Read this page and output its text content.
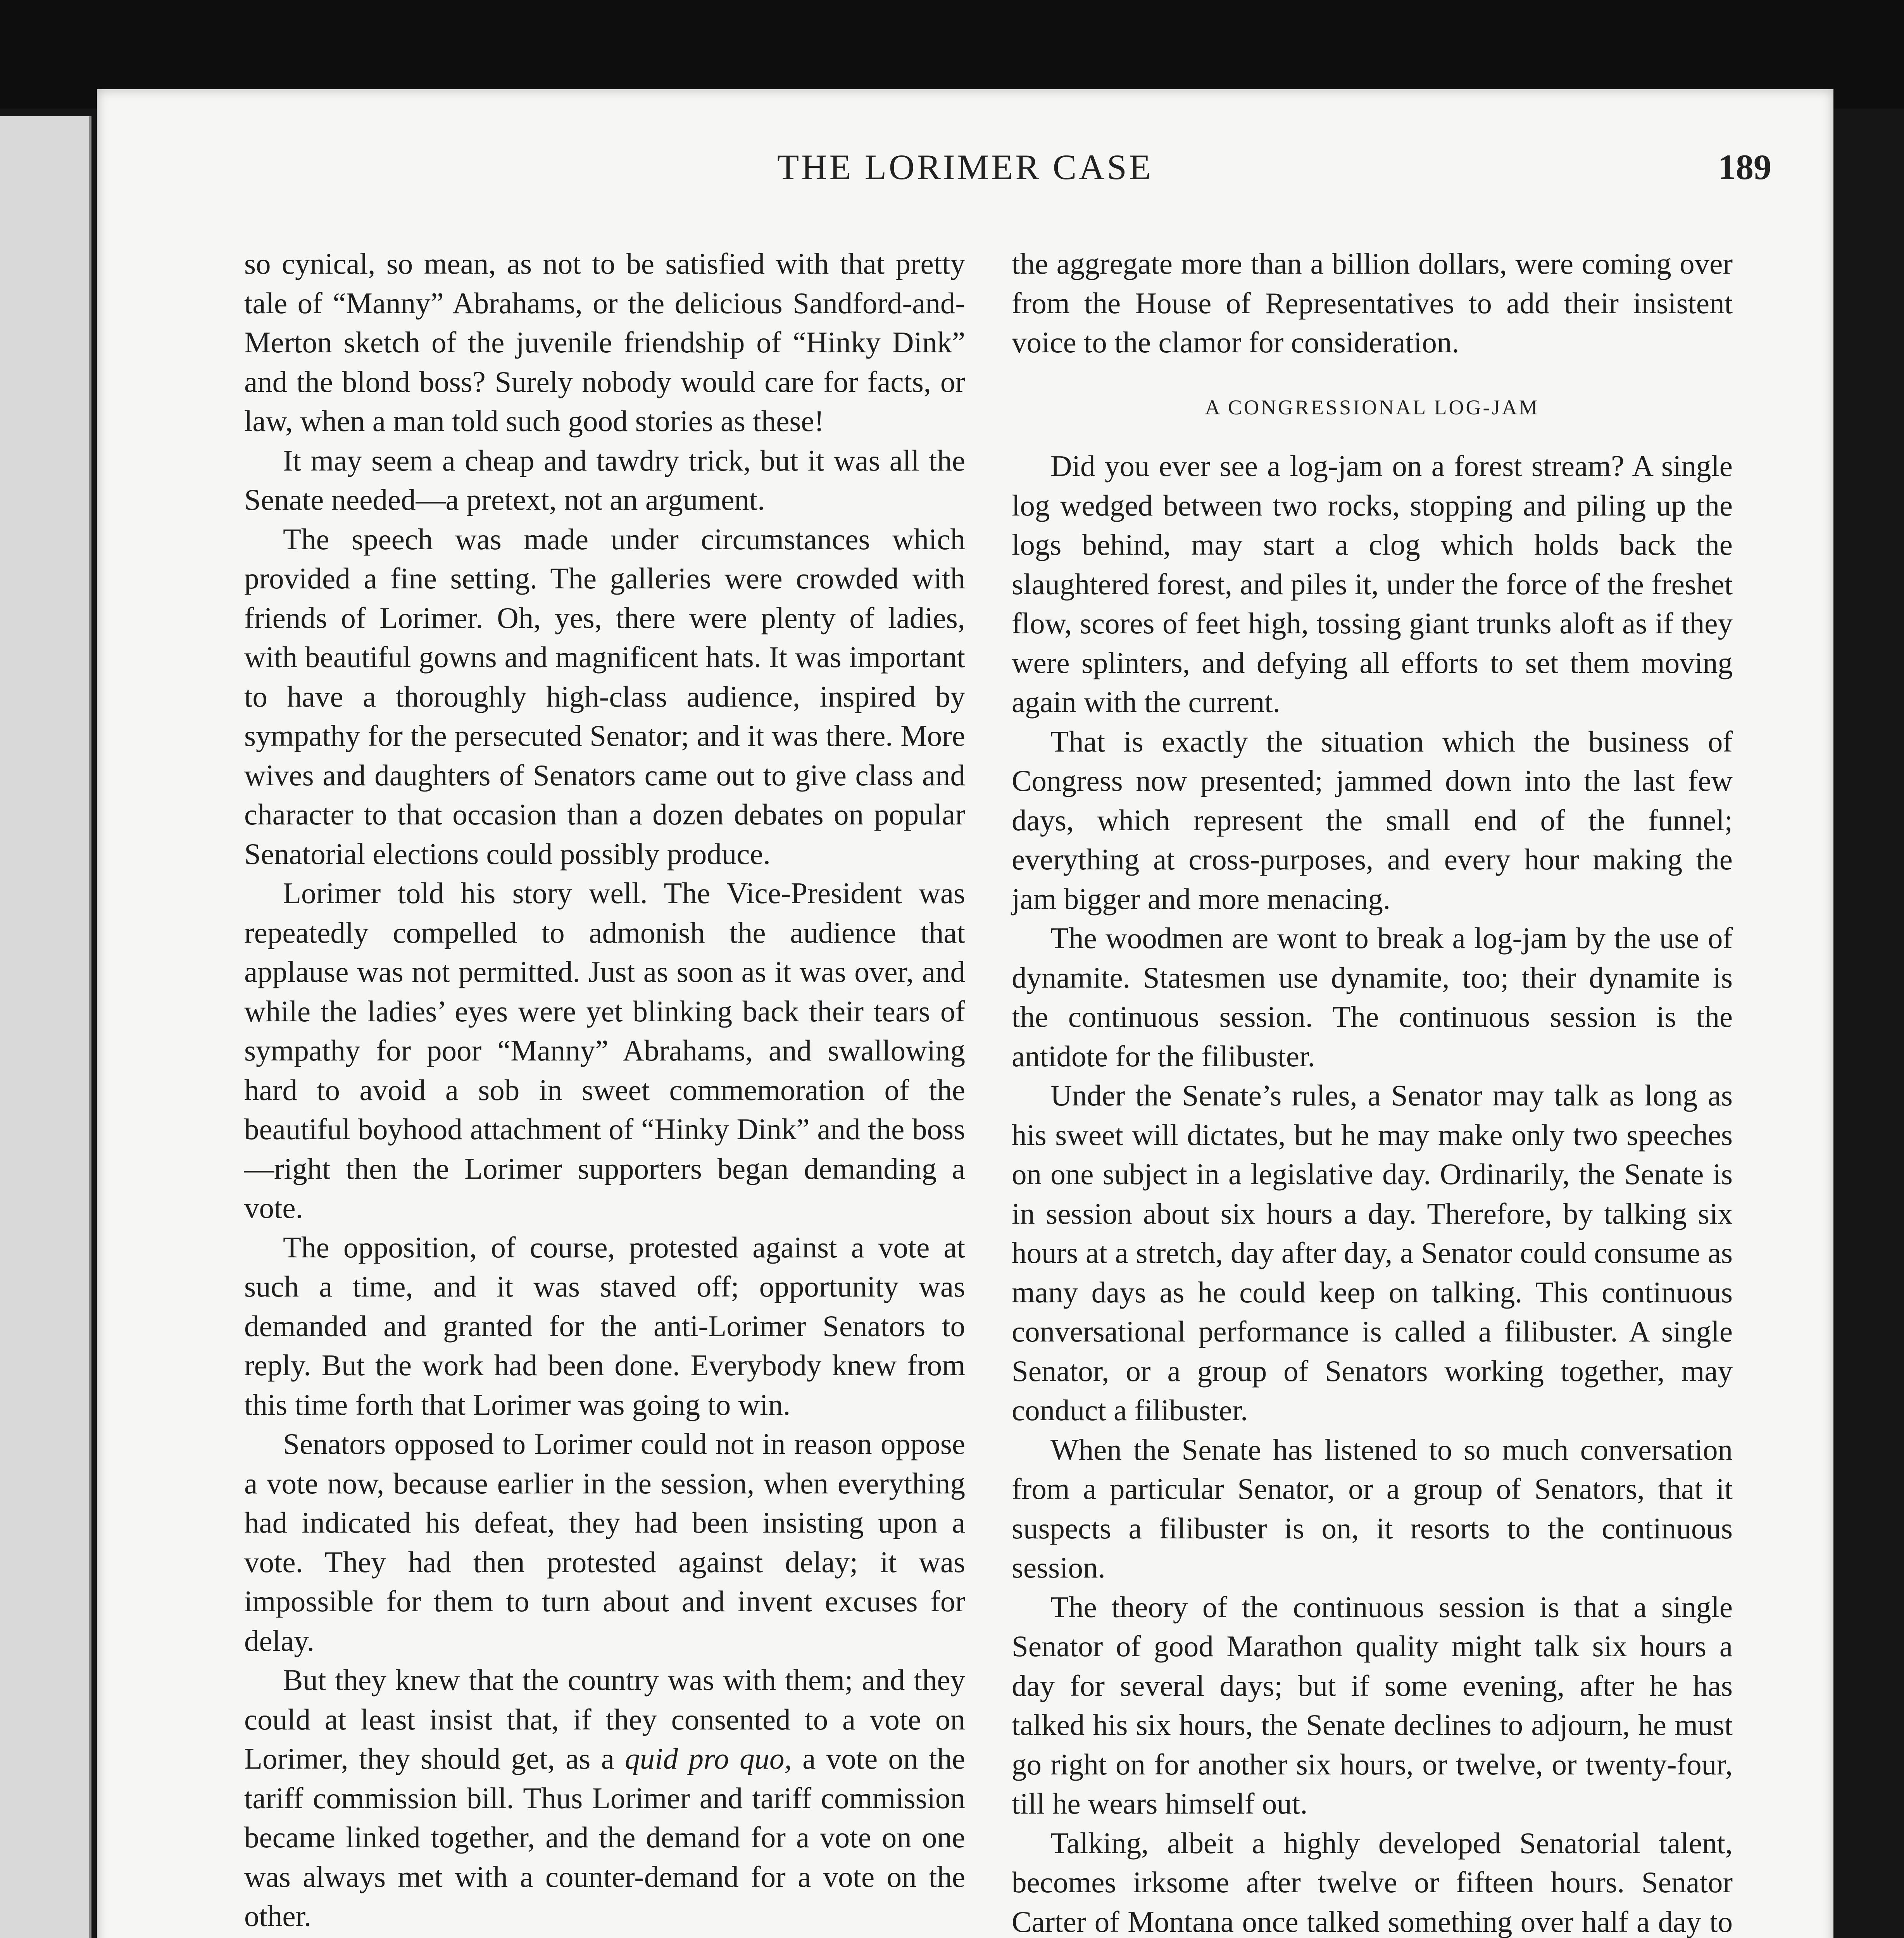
THE LORIMER CASE	189

so cynical, so mean, as not to be satisfied with that pretty tale of “Manny” Abrahams, or the delicious Sandford-and-Merton sketch of the juvenile friendship of “Hinky Dink” and the blond boss? Surely nobody would care for facts, or law, when a man told such good stories as these!

It may seem a cheap and tawdry trick, but it was all the Senate needed—a pretext, not an argument.

The speech was made under circumstances which provided a fine setting. The galleries were crowded with friends of Lorimer. Oh, yes, there were plenty of ladies, with beautiful gowns and magnificent hats. It was important to have a thoroughly high-class audience, inspired by sympathy for the persecuted Senator; and it was there. More wives and daughters of Senators came out to give class and character to that occasion than a dozen debates on popular Senatorial elections could possibly produce.

Lorimer told his story well. The Vice-President was repeatedly compelled to admonish the audience that applause was not permitted. Just as soon as it was over, and while the ladies’ eyes were yet blinking back their tears of sympathy for poor “Manny” Abrahams, and swallowing hard to avoid a sob in sweet commemoration of the beautiful boyhood attachment of “Hinky Dink” and the boss—right then the Lorimer supporters began demanding a vote.

The opposition, of course, protested against a vote at such a time, and it was staved off; opportunity was demanded and granted for the anti-Lorimer Senators to reply. But the work had been done. Everybody knew from this time forth that Lorimer was going to win.

Senators opposed to Lorimer could not in reason oppose a vote now, because earlier in the session, when everything had indicated his defeat, they had been insisting upon a vote. They had then protested against delay; it was impossible for them to turn about and invent excuses for delay.

But they knew that the country was with them; and they could at least insist that, if they consented to a vote on Lorimer, they should get, as a quid pro quo, a vote on the tariff commission bill. Thus Lorimer and tariff commission became linked together, and the demand for a vote on one was always met with a counter-demand for a vote on the other.

the aggregate more than a billion dollars, were coming over from the House of Representatives to add their insistent voice to the clamor for consideration.

A CONGRESSIONAL LOG-JAM

Did you ever see a log-jam on a forest stream? A single log wedged between two rocks, stopping and piling up the logs behind, may start a clog which holds back the slaughtered forest, and piles it, under the force of the freshet flow, scores of feet high, tossing giant trunks aloft as if they were splinters, and defying all efforts to set them moving again with the current.

That is exactly the situation which the business of Congress now presented; jammed down into the last few days, which represent the small end of the funnel; everything at cross-purposes, and every hour making the jam bigger and more menacing.

The woodmen are wont to break a log-jam by the use of dynamite. Statesmen use dynamite, too; their dynamite is the continuous session. The continuous session is the antidote for the filibuster.

Under the Senate’s rules, a Senator may talk as long as his sweet will dictates, but he may make only two speeches on one subject in a legislative day. Ordinarily, the Senate is in session about six hours a day. Therefore, by talking six hours at a stretch, day after day, a Senator could consume as many days as he could keep on talking. This continuous conversational performance is called a filibuster. A single Senator, or a group of Senators working together, may conduct a filibuster.

When the Senate has listened to so much conversation from a particular Senator, or a group of Senators, that it suspects a filibuster is on, it resorts to the continuous session.

The theory of the continuous session is that a single Senator of good Marathon quality might talk six hours a day for several days; but if some evening, after he has talked his six hours, the Senate declines to adjourn, he must go right on for another six hours, or twelve, or twenty-four, till he wears himself out.

Talking, albeit a highly developed Senatorial talent, becomes irksome after twelve or fifteen hours. Senator Carter of Montana once talked something over half a day to
